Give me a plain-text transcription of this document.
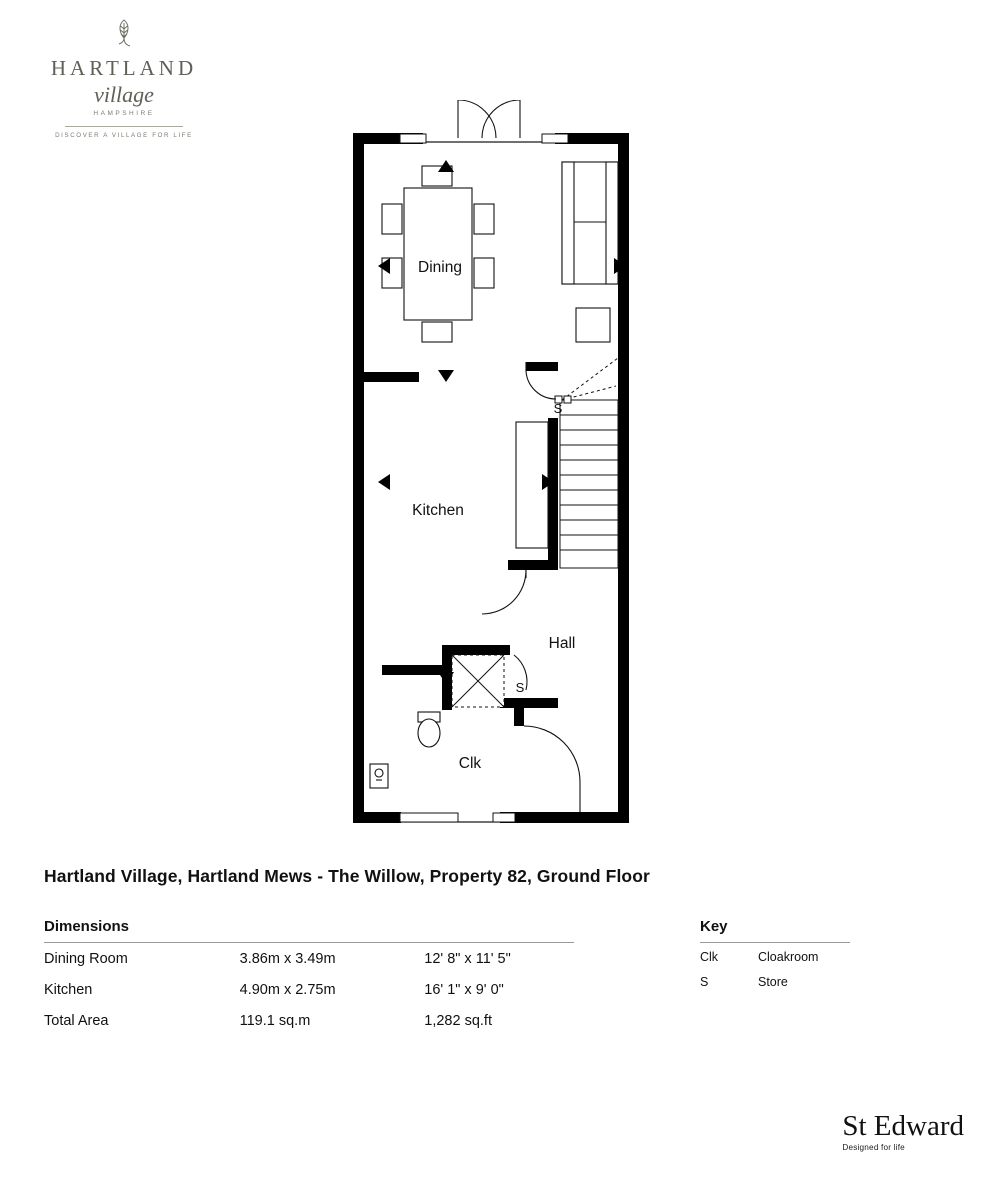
HARTLAND
village
HAMPSHIRE
DISCOVER A VILLAGE FOR LIFE
Dining
Kitchen
Hall
Clk
S
S
Hartland Village, Hartland Mews - The Willow, Property 82, Ground Floor
Dimensions
Dining Room	3.86m x 3.49m	12' 8" x 11' 5"
Kitchen	4.90m x 2.75m	16' 1" x 9' 0"
Total Area	119.1 sq.m	1,282 sq.ft
Key
Clk	Cloakroom
S	Store
St Edward
Designed for life
